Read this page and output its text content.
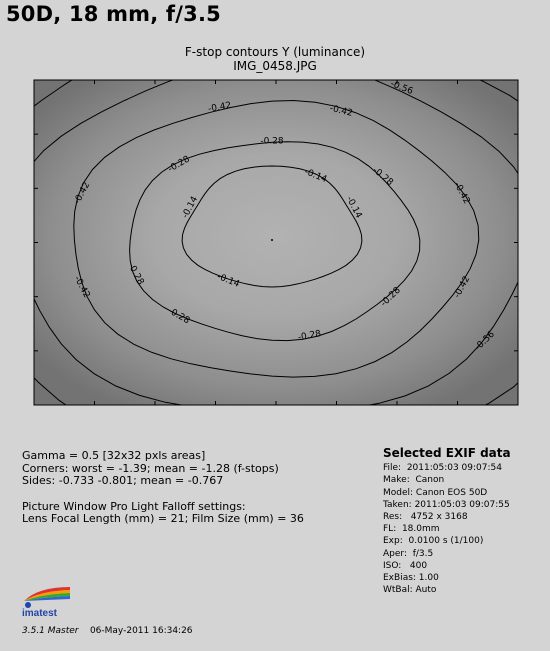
50D, 18 mm, f/3.5
F-stop contours Y (luminance)
IMG_0458.JPG
-0.14
-0.14
-0.14
-0.14
-0.28
-0.28
-0.28
-0.28
-0.28
-0.28
-0.28
-0.42	-0.42
-0.42
-0.42
-0.42
-0.42
-0.56
-0.56
Gamma = 0.5 [32x32 pxls areas]
Corners: worst = -1.39; mean = -1.28 (f-stops)
Sides: -0.733 -0.801; mean = -0.767
Picture Window Pro Light Falloff settings:
Lens Focal Length (mm) = 21; Film Size (mm) = 36
Selected EXIF data
File: 2011:05:03 09:07:54
Make: Canon
Model: Canon EOS 50D
Taken: 2011:05:03 09:07:55
Res: 4752 x 3168
FL: 18.0mm
Exp: 0.0100 s (1/100)
Aper: f/3.5
ISO: 400
ExBias: 1.00
WtBal: Auto
imatest
3.5.1 Master 06-May-2011 16:34:26
